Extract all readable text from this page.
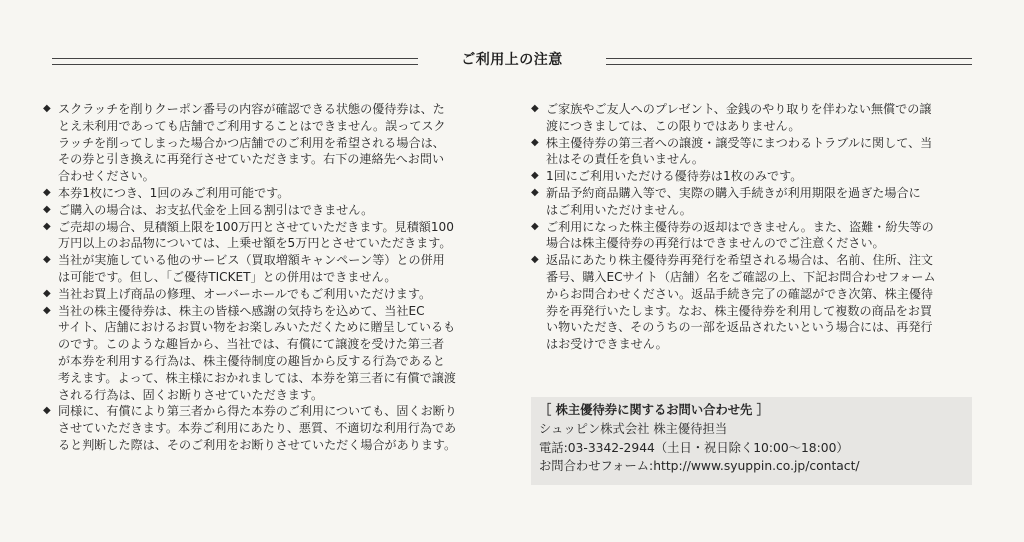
ご利用上の注意
◆ スクラッチを削りクーポン番号の内容が確認できる状態の優待券は、た
とえ未利用であっても店舗でご利用することはできません。誤ってスク
ラッチを削ってしまった場合かつ店舗でのご利用を希望される場合は、
その券と引き換えに再発行させていただきます。右下の連絡先へお問い
合わせください。
◆ 本券1枚につき、1回のみご利用可能です。
◆ ご購入の場合は、お支払代金を上回る割引はできません。
◆ ご売却の場合、見積額上限を100万円とさせていただきます。見積額100
万円以上のお品物については、上乗せ額を5万円とさせていただきます。
◆ 当社が実施している他のサービス（買取増額キャンペーン等）との併用
は可能です。但し、「ご優待TICKET」との併用はできません。
◆ 当社お買上げ商品の修理、オーバーホールでもご利用いただけます。
◆ 当社の株主優待券は、株主の皆様へ感謝の気持ちを込めて、当社EC
サイト、店舗におけるお買い物をお楽しみいただくために贈呈しているも
のです。このような趣旨から、当社では、有償にて譲渡を受けた第三者
が本券を利用する行為は、株主優待制度の趣旨から反する行為であると
考えます。よって、株主様におかれましては、本券を第三者に有償で譲渡
される行為は、固くお断りさせていただきます。
◆ 同様に、有償により第三者から得た本券のご利用についても、固くお断り
させていただきます。本券ご利用にあたり、悪質、不適切な利用行為であ
ると判断した際は、そのご利用をお断りさせていただく場合があります。
◆ ご家族やご友人へのプレゼント、金銭のやり取りを伴わない無償での譲
渡につきましては、この限りではありません。
◆ 株主優待券の第三者への譲渡・譲受等にまつわるトラブルに関して、当
社はその責任を負いません。
◆ 1回にご利用いただける優待券は1枚のみです。
◆ 新品予約商品購入等で、実際の購入手続きが利用期限を過ぎた場合に
はご利用いただけません。
◆ ご利用になった株主優待券の返却はできません。また、盗難・紛失等の
場合は株主優待券の再発行はできませんのでご注意ください。
◆ 返品にあたり株主優待券再発行を希望される場合は、名前、住所、注文
番号、購入ECサイト（店舗）名をご確認の上、下記お問合わせフォーム
からお問合わせください。返品手続き完了の確認ができ次第、株主優待
券を再発行いたします。なお、株主優待券を利用して複数の商品をお買
い物いただき、そのうちの一部を返品されたいという場合には、再発行
はお受けできません。
［ 株主優待券に関するお問い合わせ先 ］
シュッピン株式会社 株主優待担当
電話:03-3342-2944（土日・祝日除く10:00～18:00）
お問合わせフォーム:http://www.syuppin.co.jp/contact/
